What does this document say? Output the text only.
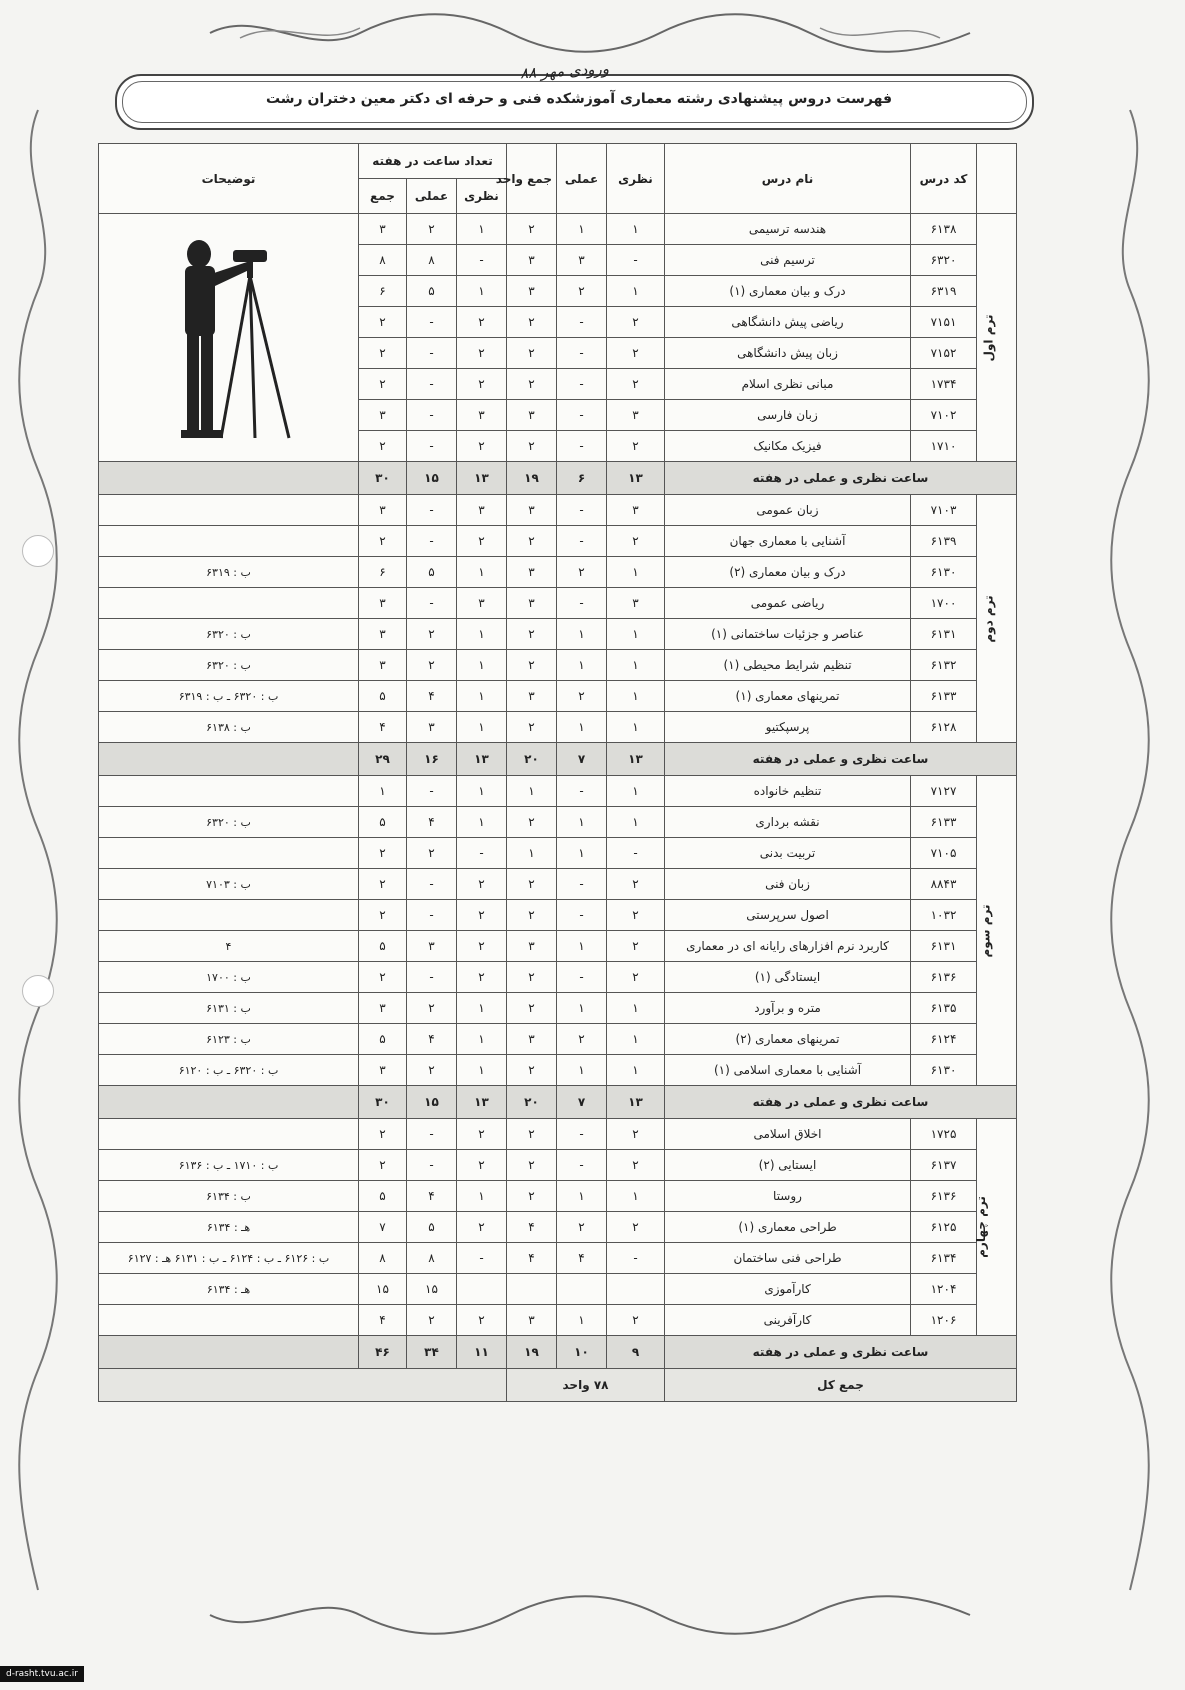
فهرست دروس پیشنهادی رشته معماری آموزشکده فنی و حرفه ای دکتر معین دختران رشت
ورودی مهر ۸۸
	کد درس	نام درس	نظری	عملی	جمع واحد	تعداد ساعت در هفته			توضیحات
						نظری	عملی	جمع	
ترم اول	۶۱۳۸	هندسه ترسیمی	۱	۱	۲	۱	۲	۳	
	۶۳۲۰	ترسیم فنی	-	۳	۳	-	۸	۸	
	۶۳۱۹	درک و بیان معماری (۱)	۱	۲	۳	۱	۵	۶	
	۷۱۵۱	ریاضی پیش دانشگاهی	۲	-	۲	۲	-	۲	
	۷۱۵۲	زبان پیش دانشگاهی	۲	-	۲	۲	-	۲	
	۱۷۳۴	مبانی نظری اسلام	۲	-	۲	۲	-	۲	
	۷۱۰۲	زبان فارسی	۳	-	۳	۳	-	۳	
	۱۷۱۰	فیزیک مکانیک	۲	-	۲	۲	-	۲	
ساعت نظری و عملی در هفته			۱۳	۶	۱۹	۱۳	۱۵	۳۰	
ترم دوم	۷۱۰۳	زبان عمومی	۳	-	۳	۳	-	۳	
	۶۱۳۹	آشنایی با معماری جهان	۲	-	۲	۲	-	۲	
	۶۱۳۰	درک و بیان معماری (۲)	۱	۲	۳	۱	۵	۶	ب : ۶۳۱۹
	۱۷۰۰	ریاضی عمومی	۳	-	۳	۳	-	۳	
	۶۱۳۱	عناصر و جزئیات ساختمانی (۱)	۱	۱	۲	۱	۲	۳	ب : ۶۳۲۰
	۶۱۳۲	تنظیم شرایط محیطی (۱)	۱	۱	۲	۱	۲	۳	ب : ۶۳۲۰
	۶۱۳۳	تمرینهای معماری (۱)	۱	۲	۳	۱	۴	۵	ب : ۶۳۲۰ ـ ب : ۶۳۱۹
	۶۱۲۸	پرسپکتیو	۱	۱	۲	۱	۳	۴	ب : ۶۱۳۸
ساعت نظری و عملی در هفته			۱۳	۷	۲۰	۱۳	۱۶	۲۹	
ترم سوم	۷۱۲۷	تنظیم خانواده	۱	-	۱	۱	-	۱	
	۶۱۳۳	نقشه برداری	۱	۱	۲	۱	۴	۵	ب : ۶۳۲۰
	۷۱۰۵	تربیت بدنی	-	۱	۱	-	۲	۲	
	۸۸۴۳	زبان فنی	۲	-	۲	۲	-	۲	ب : ۷۱۰۳
	۱۰۳۲	اصول سرپرستی	۲	-	۲	۲	-	۲	
	۶۱۳۱	کاربرد نرم افزارهای رایانه ای در معماری	۲	۱	۳	۲	۳	۵	۴
	۶۱۳۶	ایستادگی (۱)	۲	-	۲	۲	-	۲	ب : ۱۷۰۰
	۶۱۳۵	متره و برآورد	۱	۱	۲	۱	۲	۳	ب : ۶۱۳۱
	۶۱۲۴	تمرینهای معماری (۲)	۱	۲	۳	۱	۴	۵	ب : ۶۱۲۳
	۶۱۳۰	آشنایی با معماری اسلامی (۱)	۱	۱	۲	۱	۲	۳	ب : ۶۳۲۰ ـ ب : ۶۱۲۰
ساعت نظری و عملی در هفته			۱۳	۷	۲۰	۱۳	۱۵	۳۰	
ترم چهارم	۱۷۲۵	اخلاق اسلامی	۲	-	۲	۲	-	۲	
	۶۱۳۷	ایستایی (۲)	۲	-	۲	۲	-	۲	ب : ۱۷۱۰ ـ ب : ۶۱۳۶
	۶۱۳۶	روستا	۱	۱	۲	۱	۴	۵	ب : ۶۱۳۴
	۶۱۲۵	طراحی معماری (۱)	۲	۲	۴	۲	۵	۷	هـ : ۶۱۳۴
	۶۱۳۴	طراحی فنی ساختمان	-	۴	۴	-	۸	۸	ب : ۶۱۲۶ ـ ب : ۶۱۲۴ ـ ب : ۶۱۳۱ هـ : ۶۱۲۷
	۱۲۰۴	کارآموزی					۱۵	۱۵	هـ : ۶۱۳۴
	۱۲۰۶	کارآفرینی	۲	۱	۳	۲	۲	۴	
ساعت نظری و عملی در هفته			۹	۱۰	۱۹	۱۱	۳۴	۴۶	
جمع کل			۷۸ واحد						
d-rasht.tvu.ac.ir
